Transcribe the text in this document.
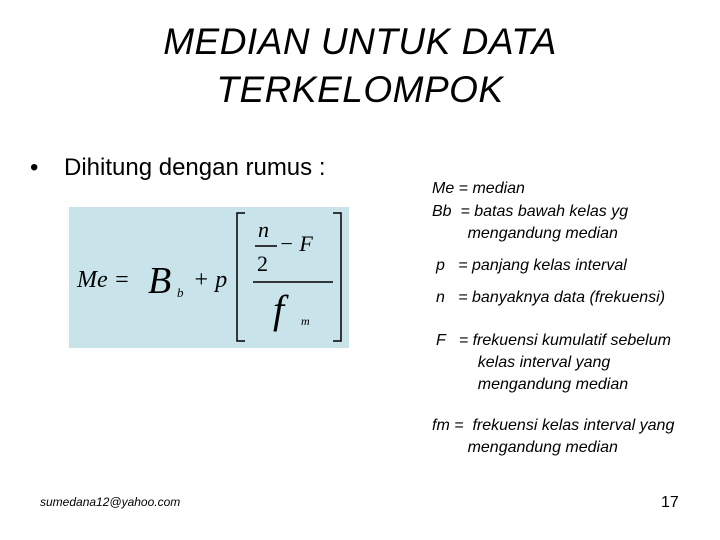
MEDIAN UNTUK DATA
TERKELOMPOK
• Dihitung dengan rumus :
Me = B b + p
n
2
− F
f	m
Me = median
Bb  = batas bawah kelas yg
mengandung median
p   = panjang kelas interval
n   = banyaknya data (frekuensi)
F   = frekuensi kumulatif sebelum
kelas interval yang
mengandung median
fm =  frekuensi kelas interval yang
mengandung median
sumedana12@yahoo.com	17
